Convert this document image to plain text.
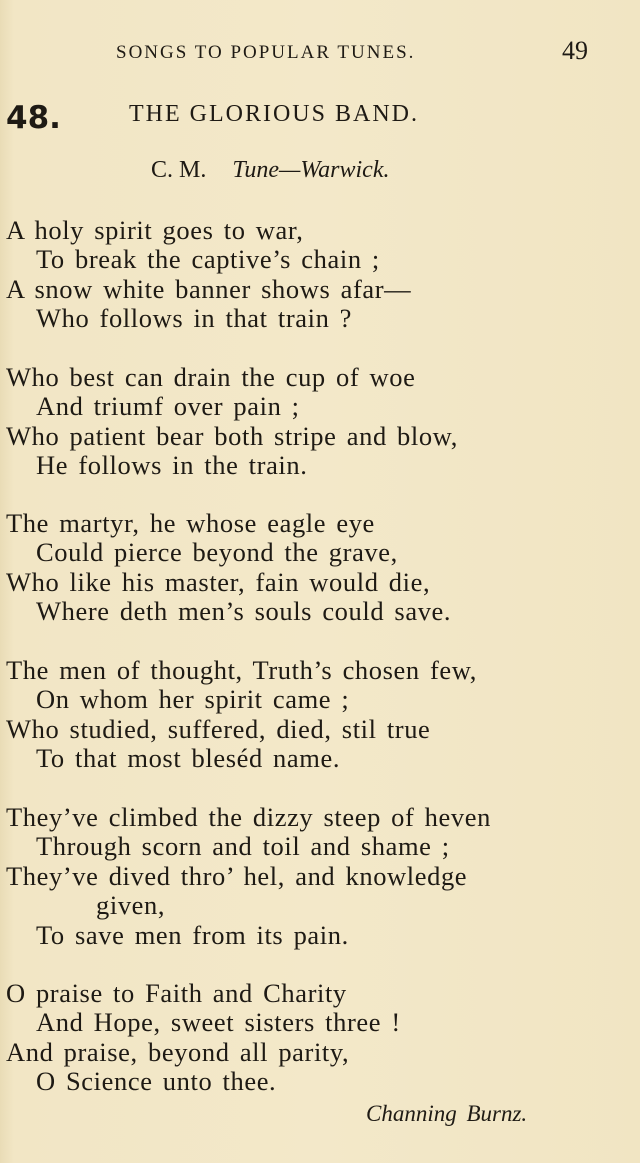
SONGS TO POPULAR TUNES.	49
48.	THE GLORIOUS BAND.
C. M. Tune—Warwick.
A holy spirit goes to war,
To break the captive’s chain ;
A snow white banner shows afar—
Who follows in that train ?
Who best can drain the cup of woe
And triumf over pain ;
Who patient bear both stripe and blow,
He follows in the train.
The martyr, he whose eagle eye
Could pierce beyond the grave,
Who like his master, fain would die,
Where deth men’s souls could save.
The men of thought, Truth’s chosen few,
On whom her spirit came ;
Who studied, suffered, died, stil true
To that most bleséd name.
They’ve climbed the dizzy steep of heven
Through scorn and toil and shame ;
They’ve dived thro’ hel, and knowledge
given,
To save men from its pain.
O praise to Faith and Charity
And Hope, sweet sisters three !
And praise, beyond all parity,
O Science unto thee.
Channing Burnz.
